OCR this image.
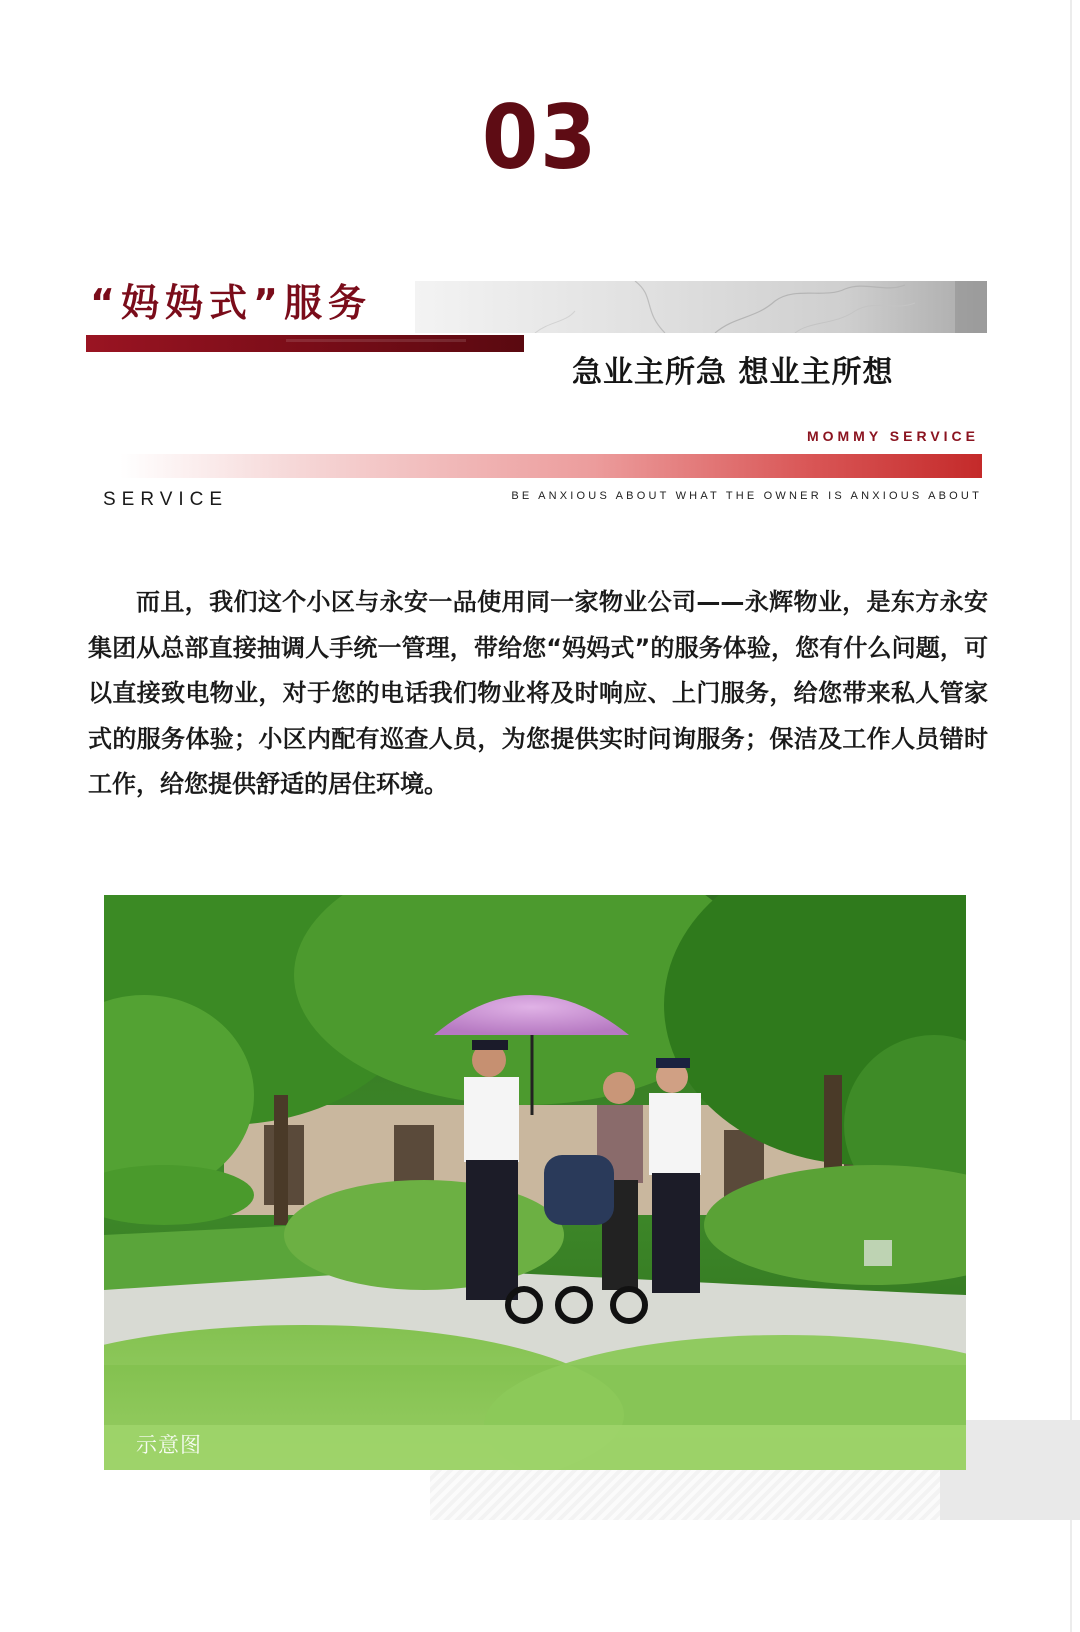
03
“妈妈式”服务
急业主所急 想业主所想
MOMMY SERVICE
SERVICE	BE ANXIOUS ABOUT WHAT THE OWNER IS ANXIOUS ABOUT

而且，我们这个小区与永安一品使用同一家物业公司——永辉物业，是东方永安集团从总部直接抽调人手统一管理，带给您“妈妈式”的服务体验，您有什么问题，可以直接致电物业，对于您的电话我们物业将及时响应、上门服务，给您带来私人管家式的服务体验；小区内配有巡查人员，为您提供实时问询服务；保洁及工作人员错时工作，给您提供舒适的居住环境。

示意图
